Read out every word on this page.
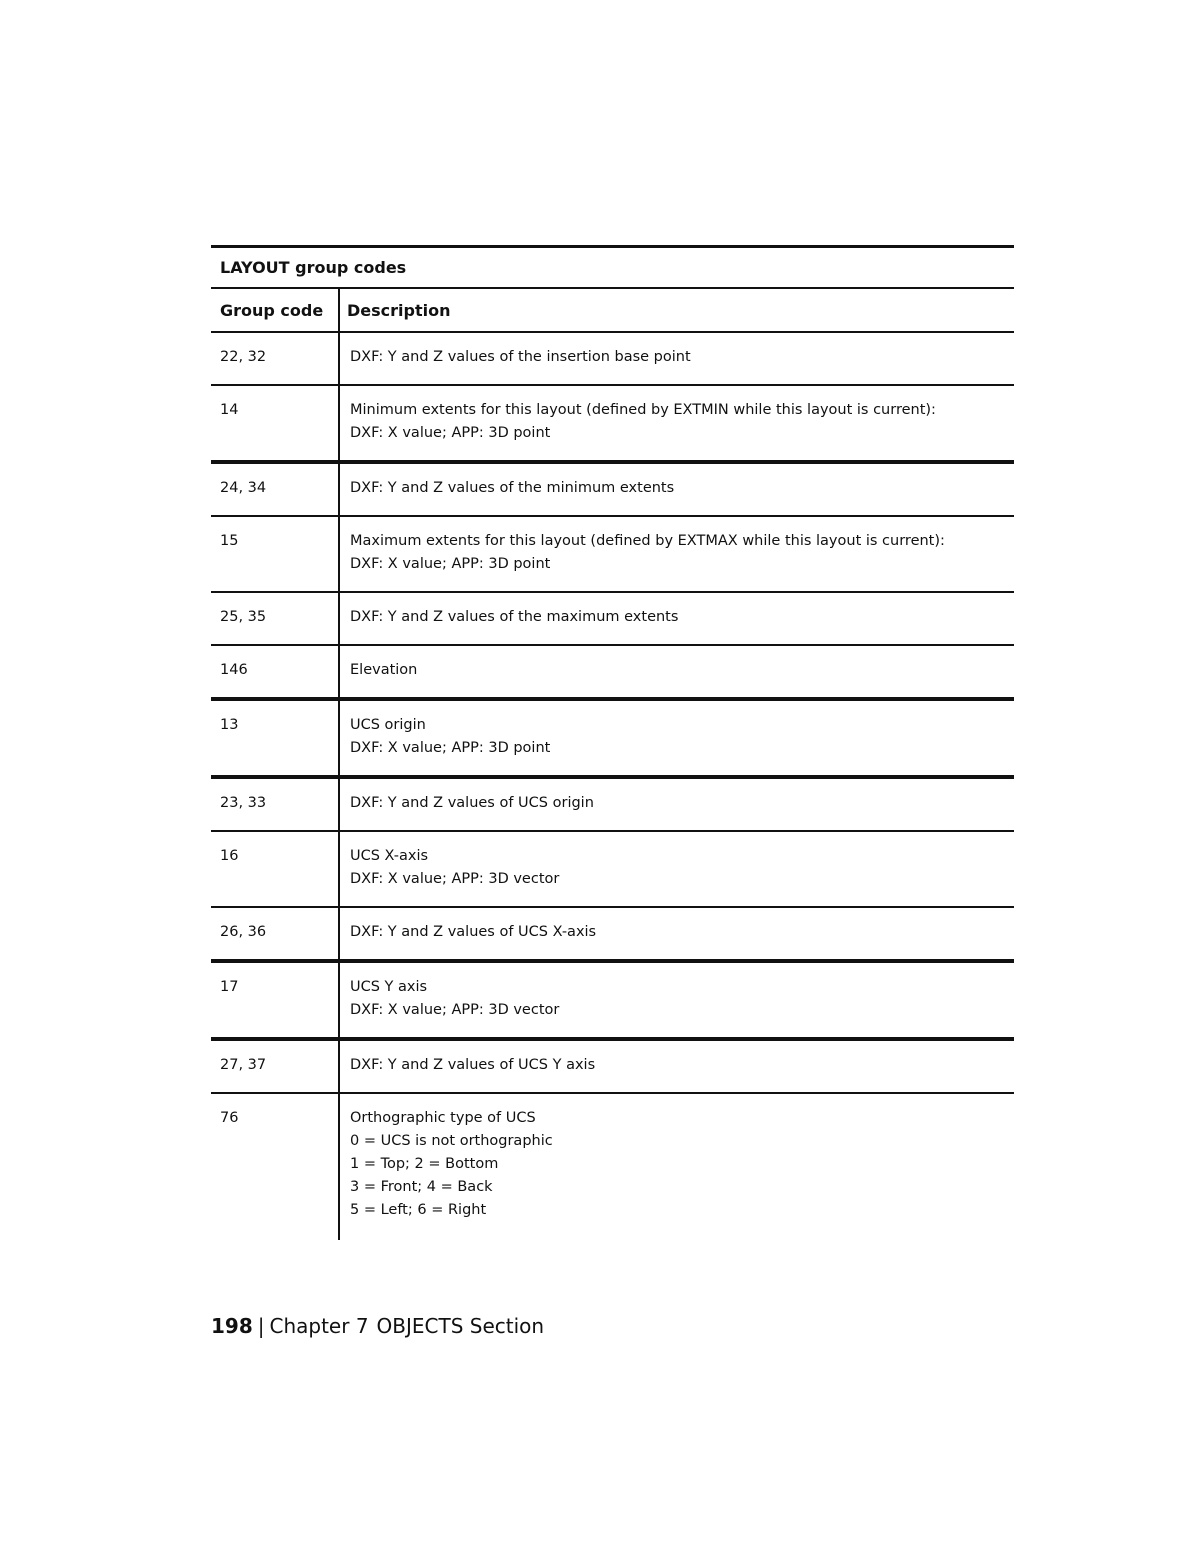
LAYOUT group codes
Group code	Description
22, 32	DXF: Y and Z values of the insertion base point
14	Minimum extents for this layout (defined by EXTMIN while this layout is current):
DXF: X value; APP: 3D point
24, 34	DXF: Y and Z values of the minimum extents
15	Maximum extents for this layout (defined by EXTMAX while this layout is current):
DXF: X value; APP: 3D point
25, 35	DXF: Y and Z values of the maximum extents
146	Elevation
13	UCS origin
DXF: X value; APP: 3D point
23, 33	DXF: Y and Z values of UCS origin
16	UCS X-axis
DXF: X value; APP: 3D vector
26, 36	DXF: Y and Z values of UCS X-axis
17	UCS Y axis
DXF: X value; APP: 3D vector
27, 37	DXF: Y and Z values of UCS Y axis
76	Orthographic type of UCS
0 = UCS is not orthographic
1 = Top; 2 = Bottom
3 = Front; 4 = Back
5 = Left; 6 = Right
198 | Chapter 7 OBJECTS Section
